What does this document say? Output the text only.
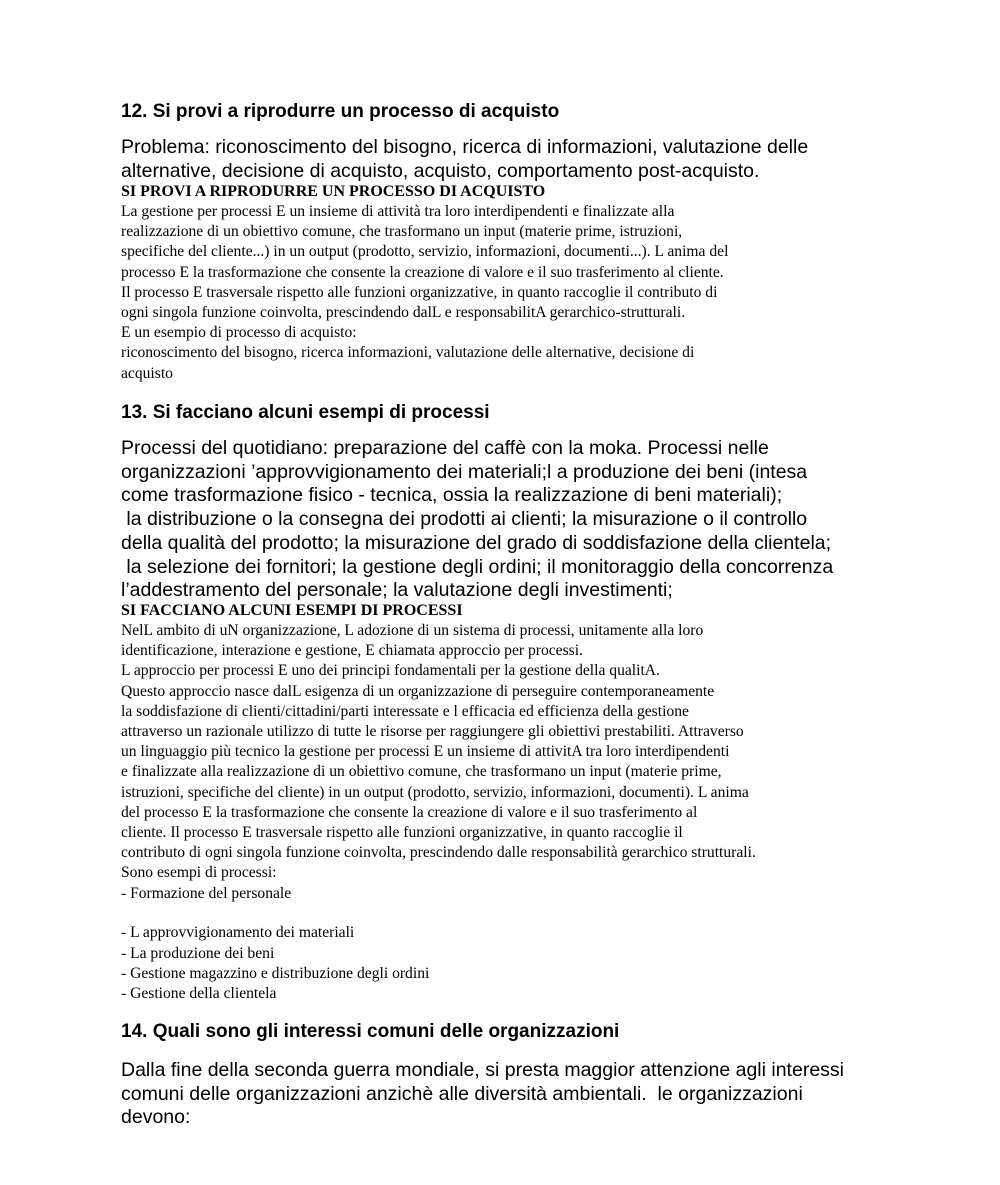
12. Si provi a riprodurre un processo di acquisto

Problema: riconoscimento del bisogno, ricerca di informazioni, valutazione delle

alternative, decisione di acquisto, acquisto, comportamento post-acquisto.

SI PROVI A RIPRODURRE UN PROCESSO DI ACQUISTO

La gestione per processi E un insieme di attività tra loro interdipendenti e finalizzate alla

realizzazione di un obiettivo comune, che trasformano un input (materie prime, istruzioni,

specifiche del cliente...) in un output (prodotto, servizio, informazioni, documenti...). L anima del

processo E la trasformazione che consente la creazione di valore e il suo trasferimento al cliente.

Il processo E trasversale rispetto alle funzioni organizzative, in quanto raccoglie il contributo di

ogni singola funzione coinvolta, prescindendo dalL e responsabilitA gerarchico-strutturali.

E un esempio di processo di acquisto:

riconoscimento del bisogno, ricerca informazioni, valutazione delle alternative, decisione di

acquisto

13. Si facciano alcuni esempi di processi

Processi del quotidiano: preparazione del caffè con la moka. Processi nelle

organizzazioni ’approvvigionamento dei materiali;l a produzione dei beni (intesa

come trasformazione fisico - tecnica, ossia la realizzazione di beni materiali);

la distribuzione o la consegna dei prodotti ai clienti; la misurazione o il controllo

della qualità del prodotto; la misurazione del grado di soddisfazione della clientela;

la selezione dei fornitori; la gestione degli ordini; il monitoraggio della concorrenza

l’addestramento del personale; la valutazione degli investimenti;

SI FACCIANO ALCUNI ESEMPI DI PROCESSI

NelL ambito di uN organizzazione, L adozione di un sistema di processi, unitamente alla loro

identificazione, interazione e gestione, E chiamata approccio per processi.

L approccio per processi E uno dei principi fondamentali per la gestione della qualitA.

Questo approccio nasce dalL esigenza di un organizzazione di perseguire contemporaneamente

la soddisfazione di clienti/cittadini/parti interessate e l efficacia ed efficienza della gestione

attraverso un razionale utilizzo di tutte le risorse per raggiungere gli obiettivi prestabiliti. Attraverso

un linguaggio più tecnico la gestione per processi E un insieme di attivitA tra loro interdipendenti

e finalizzate alla realizzazione di un obiettivo comune, che trasformano un input (materie prime,

istruzioni, specifiche del cliente) in un output (prodotto, servizio, informazioni, documenti). L anima

del processo E la trasformazione che consente la creazione di valore e il suo trasferimento al

cliente. Il processo E trasversale rispetto alle funzioni organizzative, in quanto raccoglie il

contributo di ogni singola funzione coinvolta, prescindendo dalle responsabilità gerarchico strutturali.

Sono esempi di processi:

- Formazione del personale

- L approvvigionamento dei materiali

- La produzione dei beni

- Gestione magazzino e distribuzione degli ordini

- Gestione della clientela

14. Quali sono gli interessi comuni delle organizzazioni

Dalla fine della seconda guerra mondiale, si presta maggior attenzione agli interessi

comuni delle organizzazioni anzichè alle diversità ambientali.  le organizzazioni

devono:
